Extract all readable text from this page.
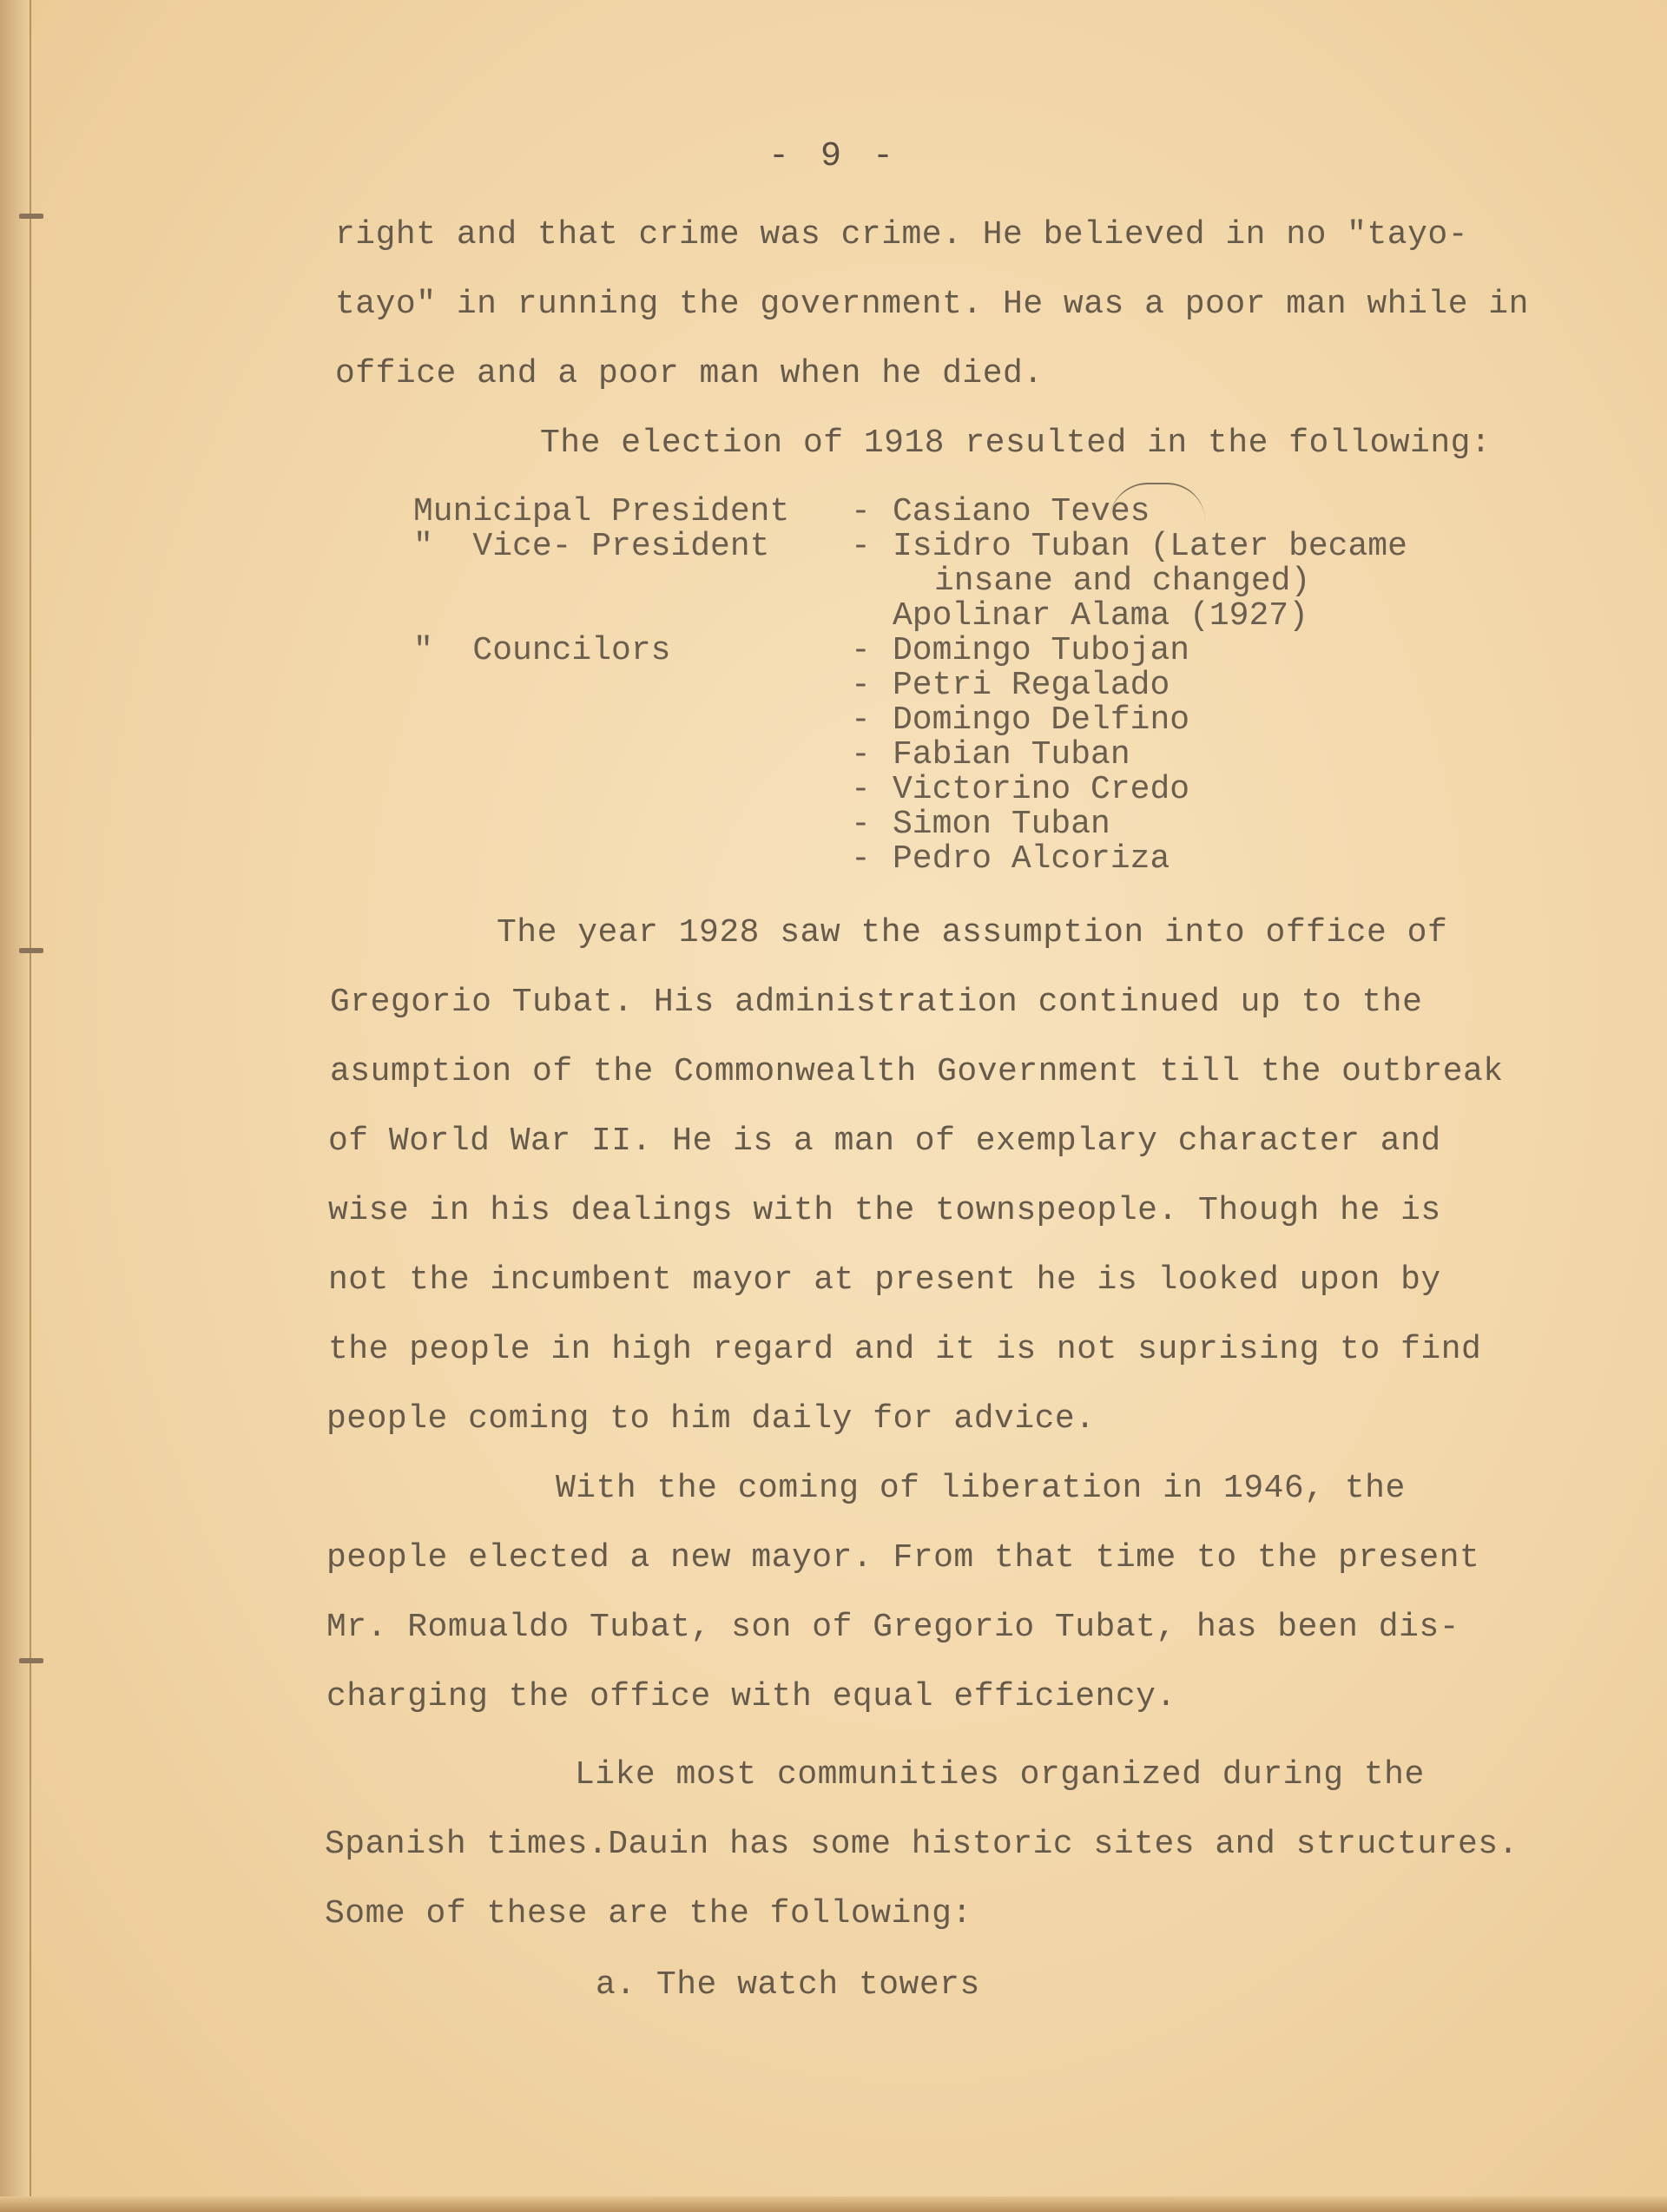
- 9 -
right and that crime was crime. He believed in no "tayo-
tayo" in running the government. He was a poor man while in
office and a poor man when he died.
The election of 1918 resulted in the following:

Municipal President

-

Casiano Teves

"  Vice- President

-

Isidro Tuban (Later became

insane and changed)

Apolinar Alama (1927)

"  Councilors

	-

Domingo Tubojan

-

Petri Regalado

-

Domingo Delfino

-

Fabian Tuban

-

Victorino Credo

-

Simon Tuban

-

Pedro Alcoriza

The year 1928 saw the assumption into office of
Gregorio Tubat. His administration continued up to the
asumption of the Commonwealth Government till the outbreak
of World War II. He is a man of exemplary character and
wise in his dealings with the townspeople. Though he is
not the incumbent mayor at present he is looked upon by
the people in high regard and it is not suprising to find
people coming to him daily for advice.
With the coming of liberation in 1946, the
people elected a new mayor. From that time to the present
Mr. Romualdo Tubat, son of Gregorio Tubat, has been dis-
charging the office with equal efficiency.
Like most communities organized during the
Spanish times.Dauin has some historic sites and structures.
Some of these are the following:
a. The watch towers
